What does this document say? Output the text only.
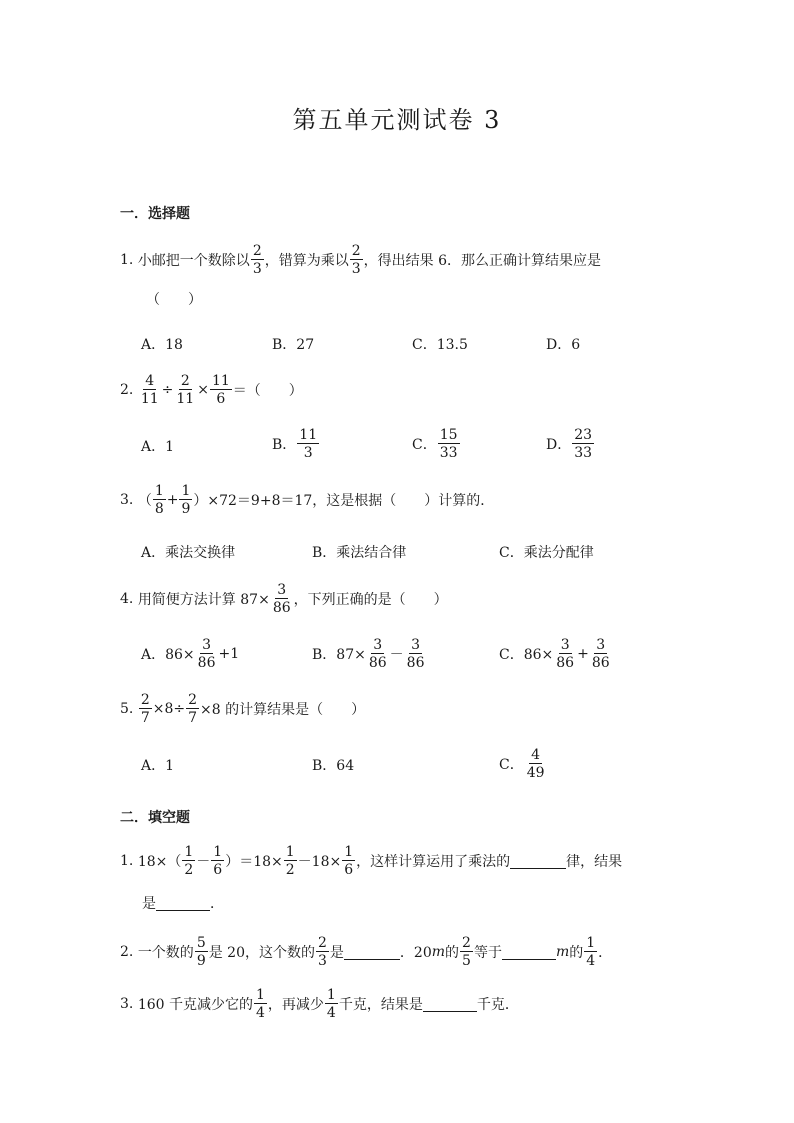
第五单元测试卷 3
一．选择题
1.
小邮把一个数除以 $\frac{2}{3}$ ，错算为乘以 $\frac{2}{3}$ ，得出结果 6．那么正确计算结果应是
（　　）
A．18	B．27	C．13.5	D．6
2.
$\frac{4}{11} \div \frac{2}{11} \times \frac{11}{6}$ ＝（　　）
A．1	B． $\frac{11}{3}$	C． $\frac{15}{33}$	D． $\frac{23}{33}$
3.
（ $\frac{1}{8} + \frac{1}{9} )\times 72=9+8=17$，这是根据（　　）计算的．
A．乘法交换律	B．乘法结合律	C．乘法分配律
4.
用简便方法计算 $87\times \frac{3}{86}$ ，下列正确的是（　　）
A．$86\times \frac{3}{86} +1$	B．$87\times \frac{3}{86} - \frac{3}{86}$	C．$86\times \frac{3}{86} + \frac{3}{86}$
5.
$\frac{2}{7} \times 8\div \frac{2}{7} \times 8$ 的计算结果是（　　）
A．1	B．64	C． $\frac{4}{49}$
二．填空题
1.
$18\times( \frac{1}{2} - \frac{1}{6} )=18\times \frac{1}{2} -18\times \frac{1}{6}$ ，这样计算运用了乘法的	律，结果
是	．
2.
一个数的 $\frac{5}{9}$ 是 20，这个数的 $\frac{2}{3}$ 是	．20 m 的 $\frac{2}{5}$ 等于	m 的 $\frac{1}{4}$ ．
3.
160 千克减少它的 $\frac{1}{4}$ ，再减少 $\frac{1}{4}$ 千克，结果是	千克．
